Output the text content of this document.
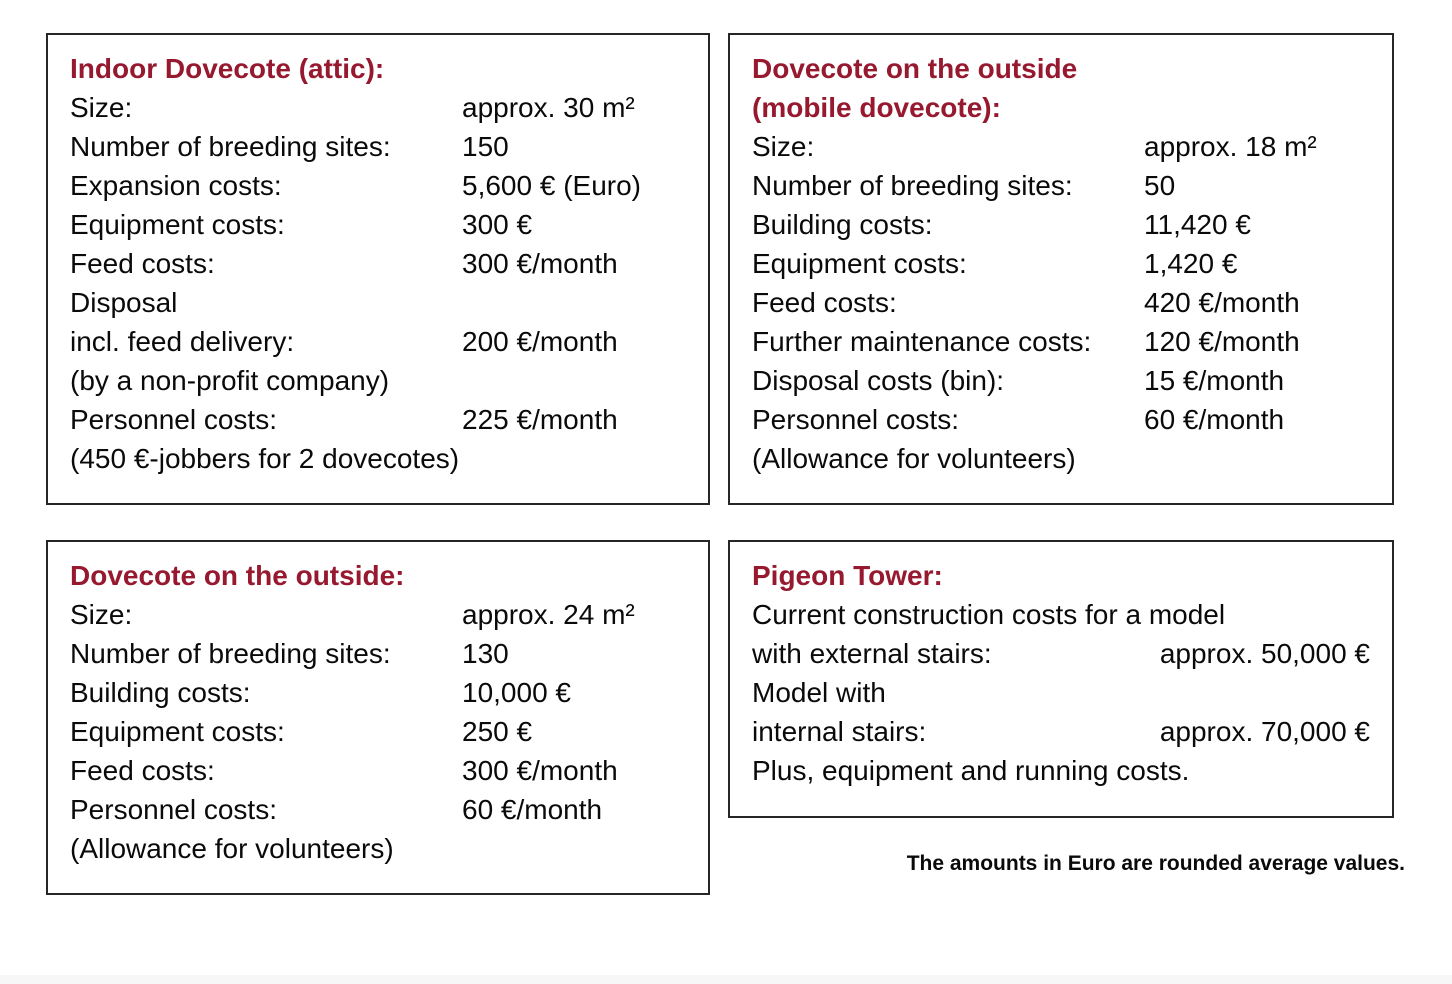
Indoor Dovecote (attic):
Size:	approx. 30 m²
Number of breeding sites:	150
Expansion costs:	5,600 € (Euro)
Equipment costs:	300 €
Feed costs:	300 €/month
Disposal
incl. feed delivery:	200 €/month
(by a non-profit company)
Personnel costs:	225 €/month
(450 €-jobbers for 2 dovecotes)
Dovecote on the outside
(mobile dovecote):
Size:	approx. 18 m²
Number of breeding sites:	50
Building costs:	11,420 €
Equipment costs:	1,420 €
Feed costs:	420 €/month
Further maintenance costs:	120 €/month
Disposal costs (bin):	15 €/month
Personnel costs:	60 €/month
(Allowance for volunteers)
Dovecote on the outside:
Size:	approx. 24 m²
Number of breeding sites:	130
Building costs:	10,000 €
Equipment costs:	250 €
Feed costs:	300 €/month
Personnel costs:	60 €/month
(Allowance for volunteers)
Pigeon Tower:
Current construction costs for a model
with external stairs:	approx. 50,000 €
Model with
internal stairs:	approx. 70,000 €
Plus, equipment and running costs.
The amounts in Euro are rounded average values.
